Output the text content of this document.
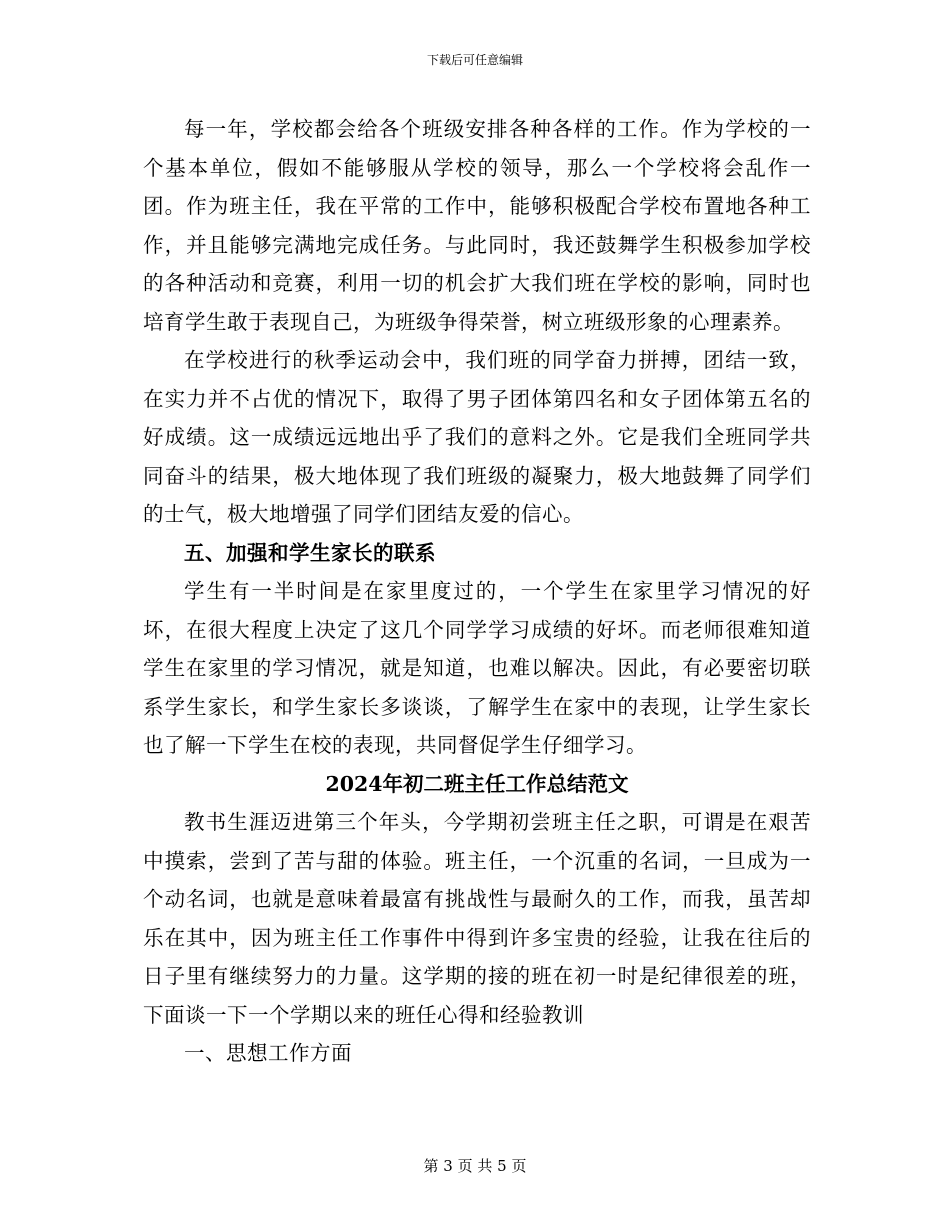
下载后可任意编辑

每一年，学校都会给各个班级安排各种各样的工作。作为学校的一个基本单位，假如不能够服从学校的领导，那么一个学校将会乱作一团。作为班主任，我在平常的工作中，能够积极配合学校布置地各种工作，并且能够完满地完成任务。与此同时，我还鼓舞学生积极参加学校的各种活动和竞赛，利用一切的机会扩大我们班在学校的影响，同时也培育学生敢于表现自己，为班级争得荣誉，树立班级形象的心理素养。

在学校进行的秋季运动会中，我们班的同学奋力拼搏，团结一致，在实力并不占优的情况下，取得了男子团体第四名和女子团体第五名的好成绩。这一成绩远远地出乎了我们的意料之外。它是我们全班同学共同奋斗的结果，极大地体现了我们班级的凝聚力，极大地鼓舞了同学们的士气，极大地增强了同学们团结友爱的信心。

五、加强和学生家长的联系

学生有一半时间是在家里度过的，一个学生在家里学习情况的好坏，在很大程度上决定了这几个同学学习成绩的好坏。而老师很难知道学生在家里的学习情况，就是知道，也难以解决。因此，有必要密切联系学生家长，和学生家长多谈谈，了解学生在家中的表现，让学生家长也了解一下学生在校的表现，共同督促学生仔细学习。

2024年初二班主任工作总结范文

教书生涯迈进第三个年头，今学期初尝班主任之职，可谓是在艰苦中摸索，尝到了苦与甜的体验。班主任，一个沉重的名词，一旦成为一个动名词，也就是意味着最富有挑战性与最耐久的工作，而我，虽苦却乐在其中，因为班主任工作事件中得到许多宝贵的经验，让我在往后的日子里有继续努力的力量。这学期的接的班在初一时是纪律很差的班，下面谈一下一个学期以来的班任心得和经验教训

一、思想工作方面

第 3 页 共 5 页
